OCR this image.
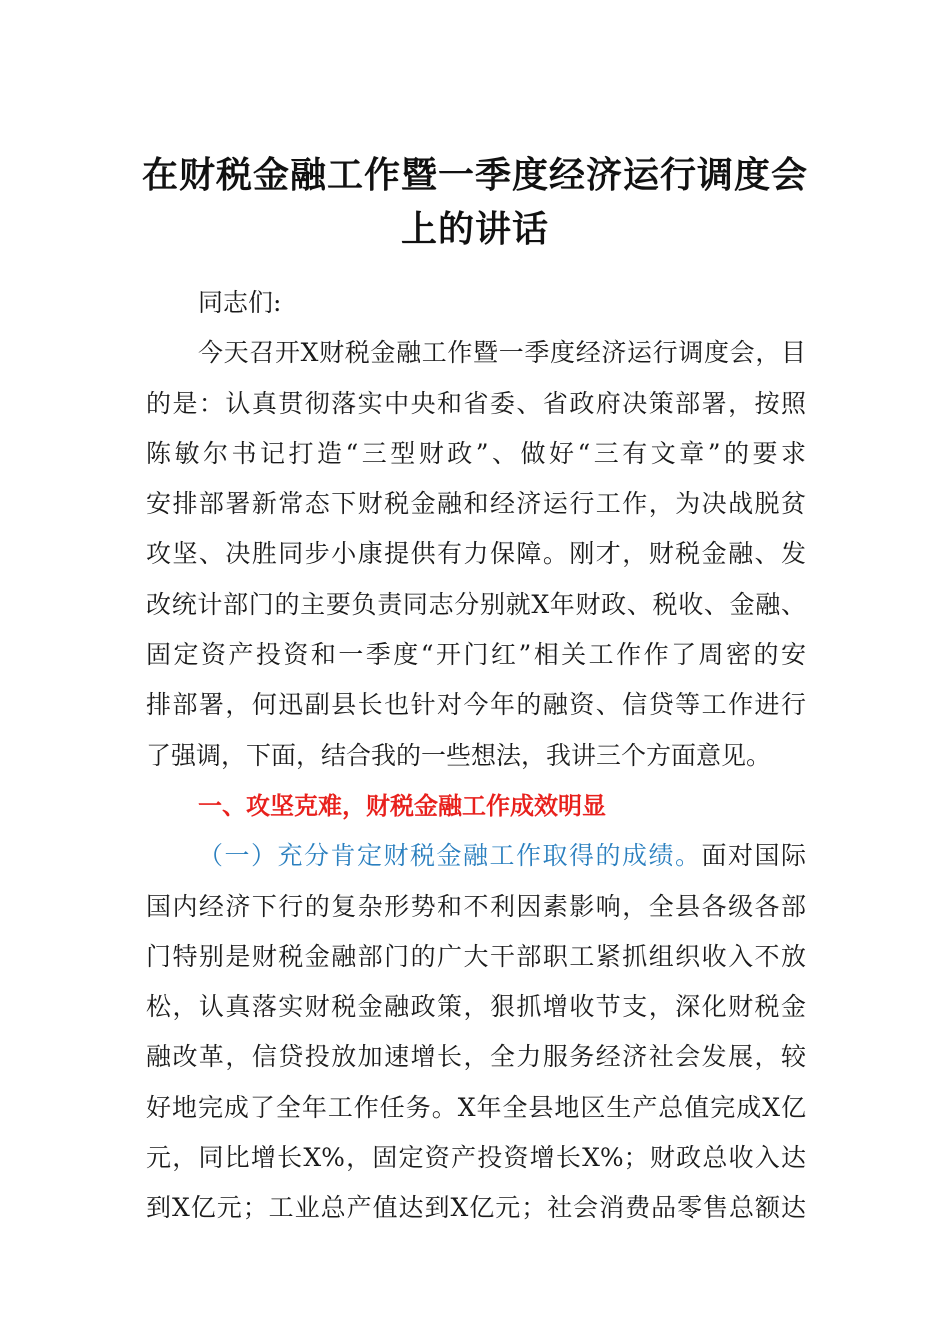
在财税金融工作暨一季度经济运行调度会
上的讲话
同志们:
今天召开X财税金融工作暨一季度经济运行调度会，目
的是：认真贯彻落实中央和省委、省政府决策部署，按照
陈敏尔书记打造“三型财政”、做好“三有文章”的要求
安排部署新常态下财税金融和经济运行工作，为决战脱贫
攻坚、决胜同步小康提供有力保障。刚才，财税金融、发
改统计部门的主要负责同志分别就X年财政、税收、金融、
固定资产投资和一季度“开门红”相关工作作了周密的安
排部署，何迅副县长也针对今年的融资、信贷等工作进行
了强调，下面，结合我的一些想法，我讲三个方面意见。
一、攻坚克难，财税金融工作成效明显
（一）充分肯定财税金融工作取得的成绩。面对国际
国内经济下行的复杂形势和不利因素影响，全县各级各部
门特别是财税金融部门的广大干部职工紧抓组织收入不放
松，认真落实财税金融政策，狠抓增收节支，深化财税金
融改革，信贷投放加速增长，全力服务经济社会发展，较
好地完成了全年工作任务。X年全县地区生产总值完成X亿
元，同比增长X%，固定资产投资增长X%；财政总收入达
到X亿元；工业总产值达到X亿元；社会消费品零售总额达
